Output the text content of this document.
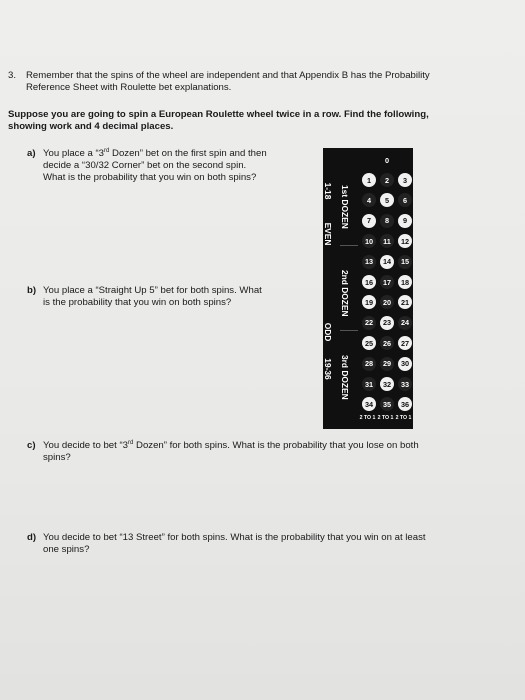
3. Remember that the spins of the wheel are independent and that Appendix B has the Probability
Reference Sheet with Roulette bet explanations.
Suppose you are going to spin a European Roulette wheel twice in a row. Find the following,
showing work and 4 decimal places.
a) You place a “3rd Dozen” bet on the first spin and then
decide a “30/32 Corner” bet on the second spin.
What is the probability that you win on both spins?
b) You place a “Straight Up 5” bet for both spins. What
is the probability that you win on both spins?
c) You decide to bet “3rd Dozen” for both spins. What is the probability that you lose on both
spins?
d) You decide to bet “13 Street” for both spins. What is the probability that you win on at least
one spins?
0
1	2	3
4	5	6
7	8	9
10	11	12
13	14	15
16	17	18
19	20	21
22	23	24
25	26	27
28	29	30
31	32	33
34	35	36
1st DOZEN
2nd DOZEN
3rd DOZEN
1-18
EVEN
ODD
19-36
2 TO 1 2 TO 1 2 TO 1
